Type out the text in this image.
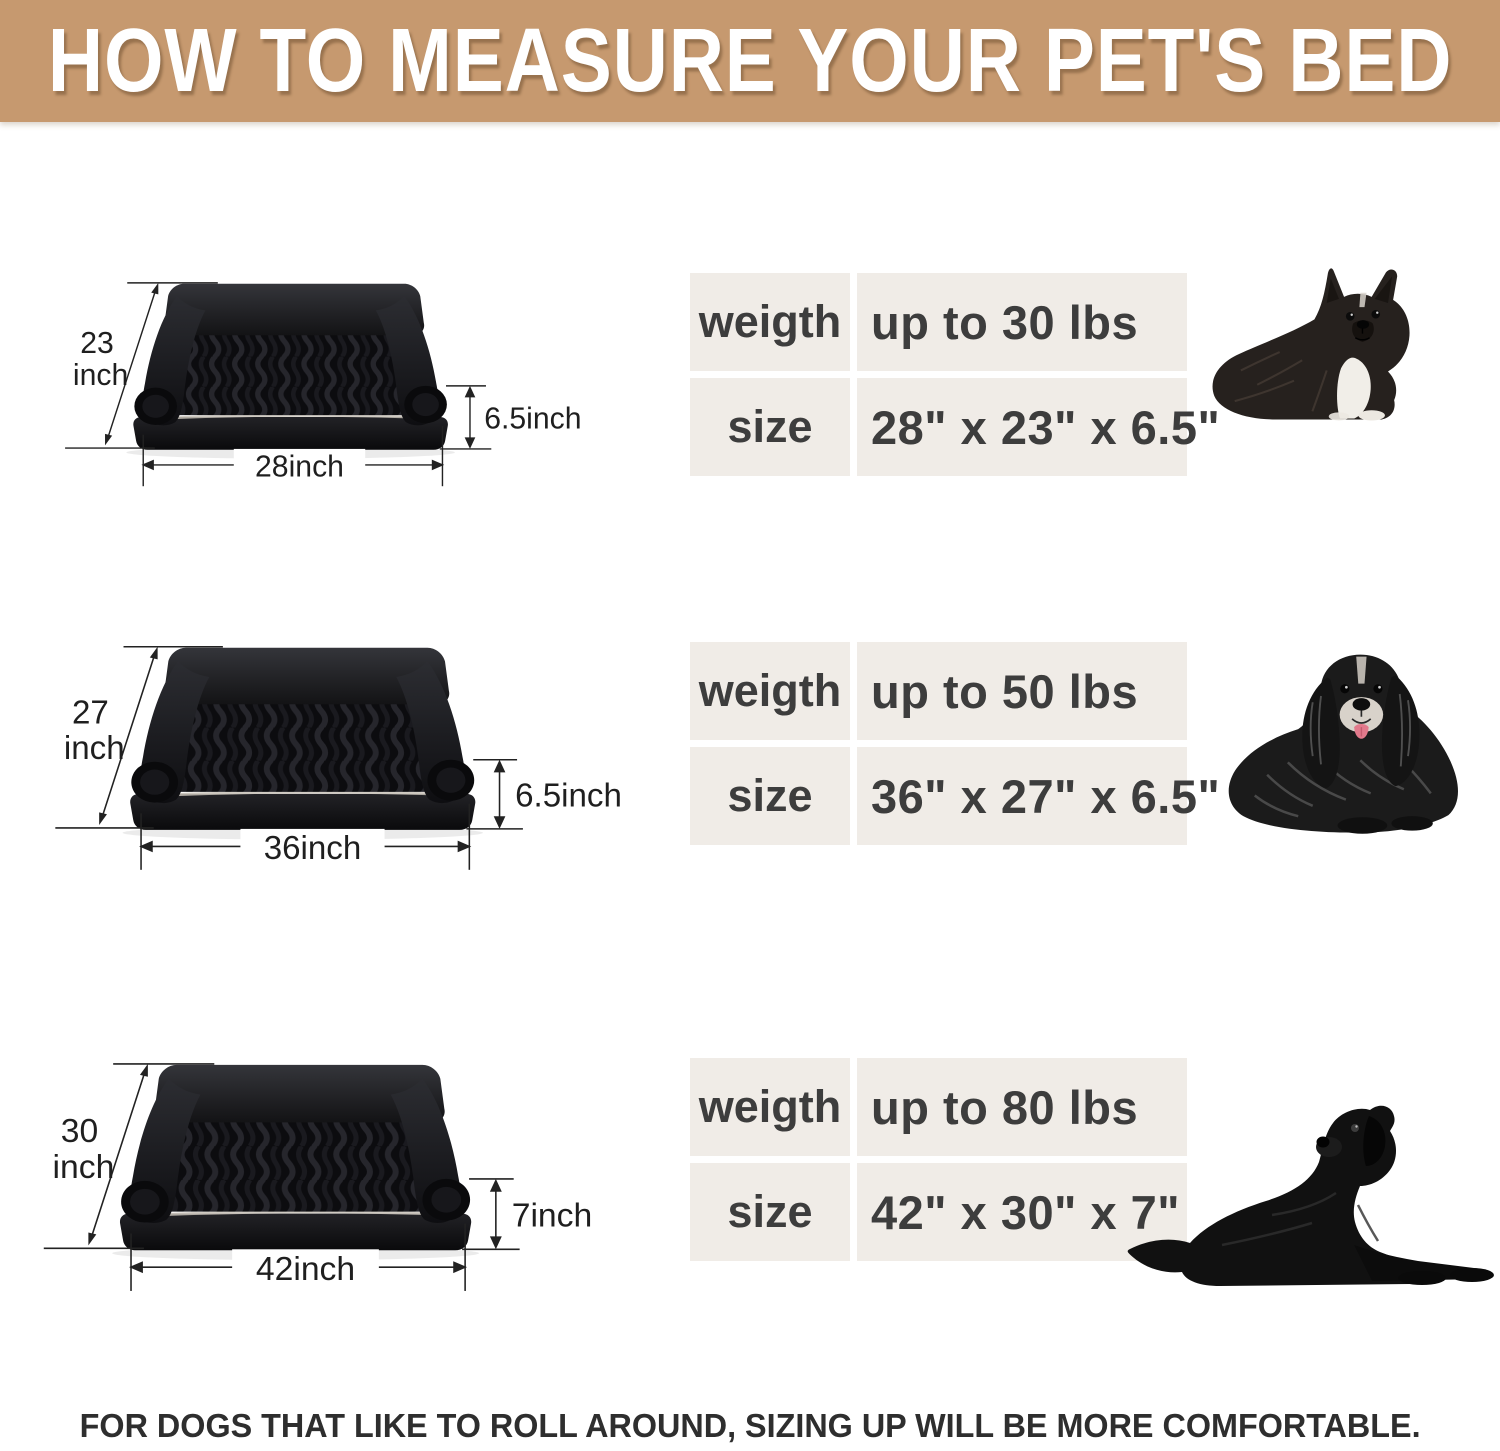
HOW TO MEASURE YOUR PET'S BED
23
inch
28inch
6.5inch
weigth up to 30 lbs
size 28" x 23" x 6.5"
27
inch
36inch
6.5inch
weigth up to 50 lbs
size 36" x 27" x 6.5"
30
inch
42inch
7inch
weigth up to 80 lbs
size 42" x 30" x 7"
FOR DOGS THAT LIKE TO ROLL AROUND, SIZING UP WILL BE MORE COMFORTABLE.
